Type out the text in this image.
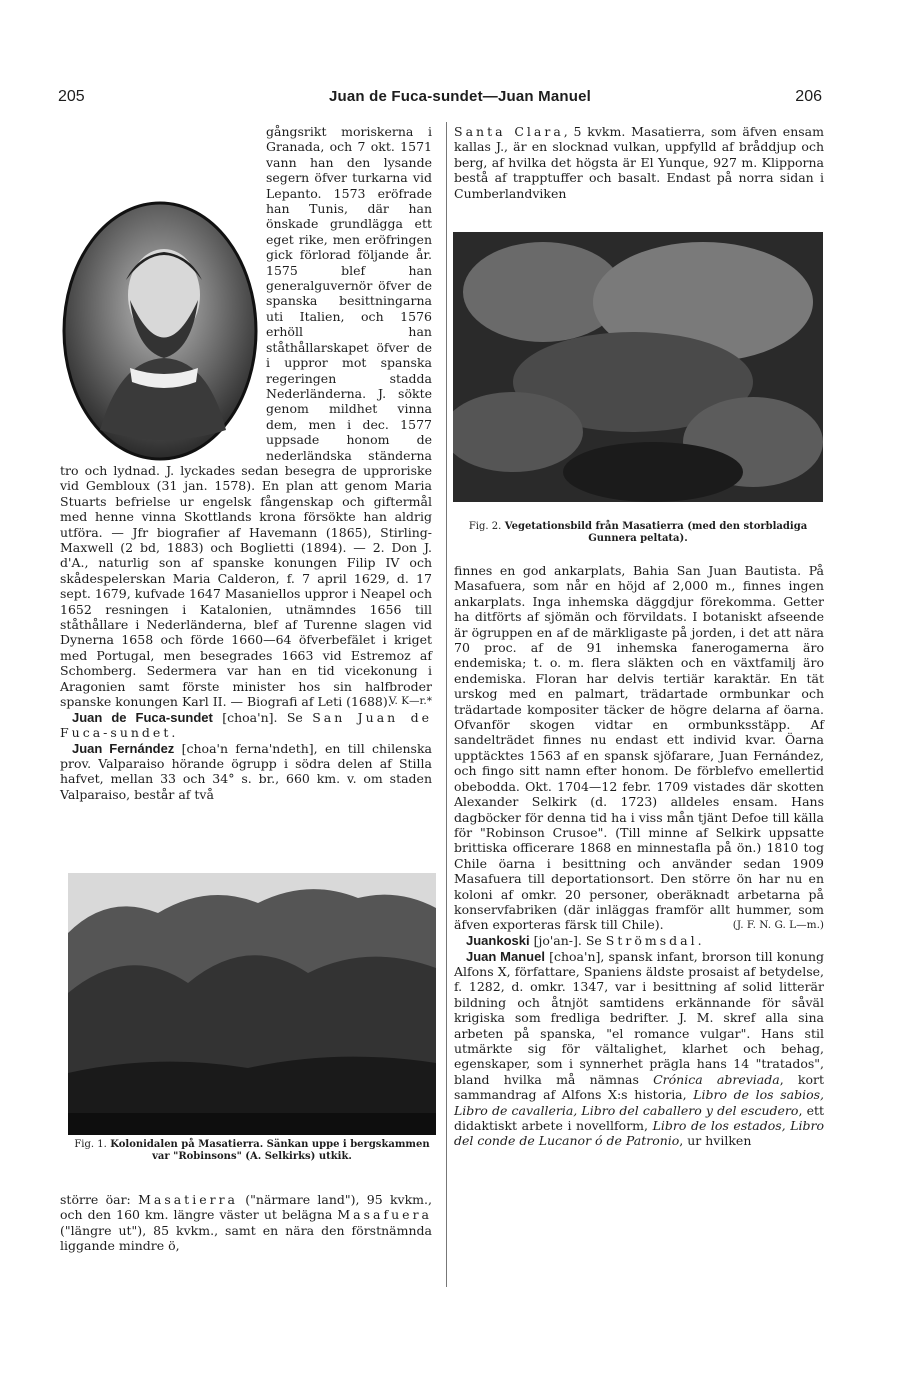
205	Juan de Fuca-sundet—Juan Manuel	206

gångsrikt moriskerna i Granada, och 7 okt. 1571 vann han den lysande segern öfver turkarna vid Lepanto. 1573 eröfrade han Tunis, där han önskade grundlägga ett eget rike, men eröfringen gick förlorad följande år. 1575 blef han generalguvernör öfver de spanska besittningarna uti Italien, och 1576 erhöll han ståthållarskapet öfver de i uppror mot spanska regeringen stadda Nederländerna. J. sökte genom mildhet vinna dem, men i dec. 1577 uppsade honom de nederländska ständerna tro och lydnad. J. lyckades sedan besegra de upproriske vid Gembloux (31 jan. 1578). En plan att genom Maria Stuarts befrielse ur engelsk fångenskap och giftermål med henne vinna Skottlands krona försökte han aldrig utföra. — Jfr biografier af Havemann (1865), Stirling-Maxwell (2 bd, 1883) och Boglietti (1894). — 2. Don J. d'A., naturlig son af spanske konungen Filip IV och skådespelerskan Maria Calderon, f. 7 april 1629, d. 17 sept. 1679, kufvade 1647 Masaniellos uppror i Neapel och 1652 resningen i Katalonien, utnämndes 1656 till ståthållare i Nederländerna, blef af Turenne slagen vid Dynerna 1658 och förde 1660—64 öfverbefälet i kriget med Portugal, men besegrades 1663 vid Estremoz af Schomberg. Sedermera var han en tid vicekonung i Aragonien samt förste minister hos sin halfbroder spanske konungen Karl II. — Biografi af Leti (1688).

V. K—r.*

Juan de Fuca-sundet [choa'n]. Se San Juan de Fuca-sundet.

Juan Fernández [choa'n ferna'ndeth], en till chilenska prov. Valparaiso hörande ögrupp i södra delen af Stilla hafvet, mellan 33 och 34° s. br., 660 km. v. om staden Valparaiso, består af två

Fig. 1. Kolonidalen på Masatierra. Sänkan uppe i bergskammen var "Robinsons" (A. Selkirks) utkik.

större öar: Masatierra ("närmare land"), 95 kvkm., och den 160 km. längre väster ut belägna Masafuera ("längre ut"), 85 kvkm., samt en nära den förstnämnda liggande mindre ö,

Santa Clara, 5 kvkm. Masatierra, som äfven ensam kallas J., är en slocknad vulkan, uppfylld af bråddjup och berg, af hvilka det högsta är El Yunque, 927 m. Klipporna bestå af trapptuffer och basalt. Endast på norra sidan i Cumberlandviken

Fig. 2. Vegetationsbild från Masatierra (med den storbladiga Gunnera peltata).

finnes en god ankarplats, Bahia San Juan Bautista. På Masafuera, som når en höjd af 2,000 m., finnes ingen ankarplats. Inga inhemska däggdjur förekomma. Getter ha ditförts af sjömän och förvildats. I botaniskt afseende är ögruppen en af de märkligaste på jorden, i det att nära 70 proc. af de 91 inhemska fanerogamerna äro endemiska; t. o. m. flera släkten och en växtfamilj äro endemiska. Floran har delvis tertiär karaktär. En tät urskog med en palmart, trädartade ormbunkar och trädartade kompositer täcker de högre delarna af öarna. Ofvanför skogen vidtar en ormbunksstäpp. Af sandelträdet finnes nu endast ett individ kvar. Öarna upptäcktes 1563 af en spansk sjöfarare, Juan Fernández, och fingo sitt namn efter honom. De förblefvo emellertid obebodda. Okt. 1704—12 febr. 1709 vistades där skotten Alexander Selkirk (d. 1723) alldeles ensam. Hans dagböcker för denna tid ha i viss mån tjänt Defoe till källa för "Robinson Crusoe". (Till minne af Selkirk uppsatte brittiska officerare 1868 en minnestafla på ön.) 1810 tog Chile öarna i besittning och använder sedan 1909 Masafuera till deportationsort. Den större ön har nu en koloni af omkr. 20 personer, oberäknadt arbetarna på konservfabriken (där inläggas framför allt hummer, som äfven exporteras färsk till Chile).	(J. F. N. G. L—m.)

Juankoski [jo'an-]. Se Strömsdal.

Juan Manuel [choa'n], spansk infant, brorson till konung Alfons X, författare, Spaniens äldste prosaist af betydelse, f. 1282, d. omkr. 1347, var i besittning af solid litterär bildning och åtnjöt samtidens erkännande för såväl krigiska som fredliga bedrifter. J. M. skref alla sina arbeten på spanska, "el romance vulgar". Hans stil utmärkte sig för vältalighet, klarhet och behag, egenskaper, som i synnerhet prägla hans 14 "tratados", bland hvilka må nämnas Crónica abreviada, kort sammandrag af Alfons X:s historia, Libro de los sabios, Libro de cavalleria, Libro del caballero y del escudero, ett didaktiskt arbete i novellform, Libro de los estados, Libro del conde de Lucanor ó de Patronio, ur hvilken
